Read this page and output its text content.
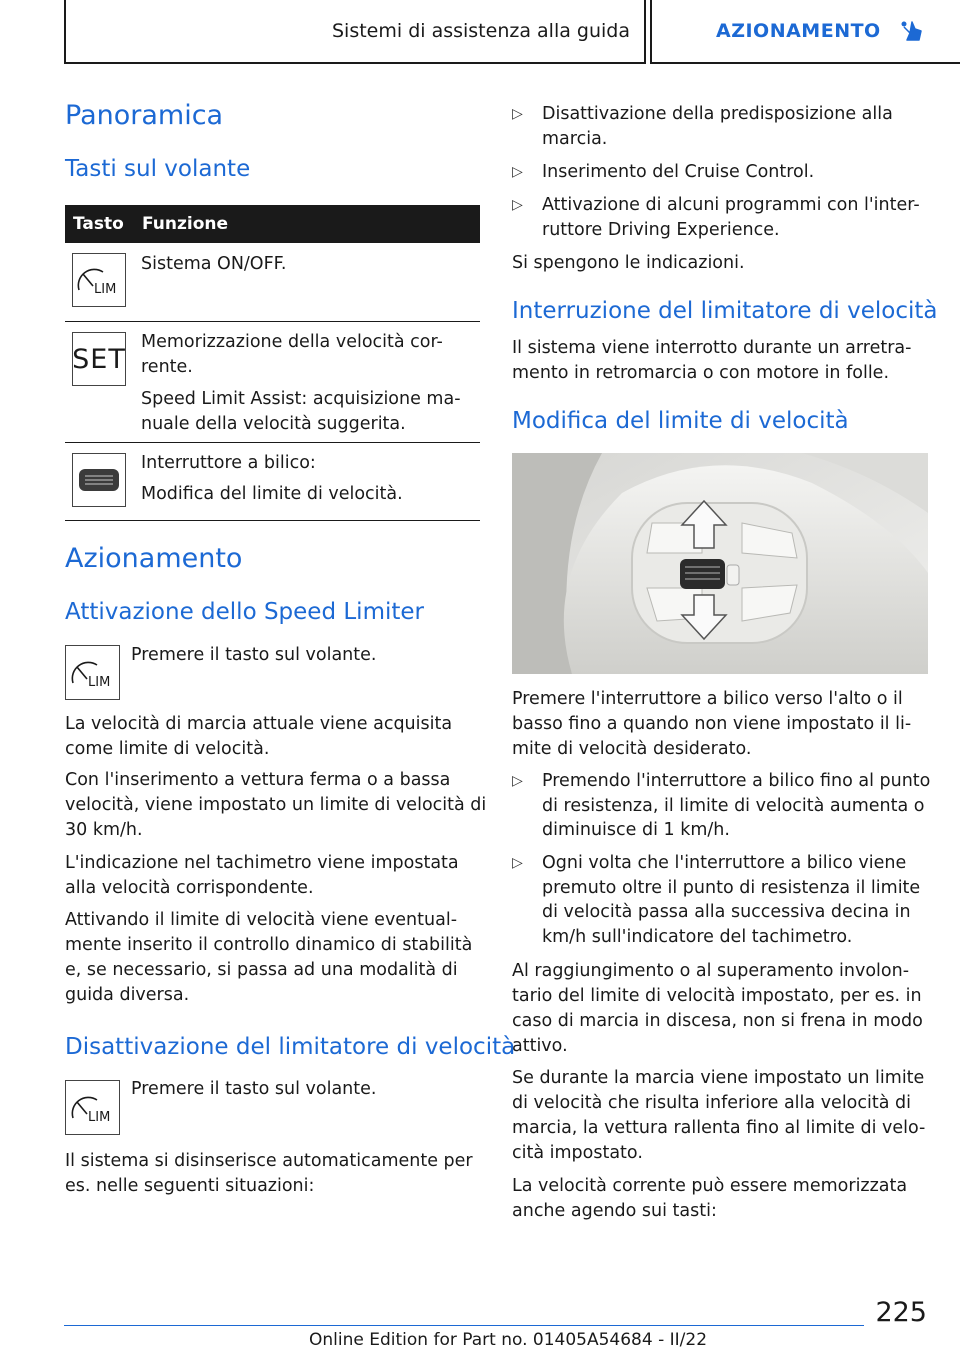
Sistemi di assistenza alla guida	AZIONAMENTO
Panoramica
Tasti sul volante
Tasto Funzione
LIM

Sistema ON/OFF.

SET

Memorizzazione della velocità cor-

rente.

Speed Limit Assist: acquisizione ma-

nuale della velocità suggerita.

Interruttore a bilico:

Modifica del limite di velocità.

Azionamento
Attivazione dello Speed Limiter
LIM

Premere il tasto sul volante.

La velocità di marcia attuale viene acquisita

come limite di velocità.

Con l'inserimento a vettura ferma o a bassa

velocità, viene impostato un limite di velocità di

30 km/h.

L'indicazione nel tachimetro viene impostata

alla velocità corrispondente.

Attivando il limite di velocità viene eventual-

mente inserito il controllo dinamico di stabilità

e, se necessario, si passa ad una modalità di

guida diversa.

Disattivazione del limitatore di velocità
LIM

Premere il tasto sul volante.

Il sistema si disinserisce automaticamente per

es. nelle seguenti situazioni:

▷ Disattivazione della predisposizione alla
marcia.
▷ Inserimento del Cruise Control.
▷ Attivazione di alcuni programmi con l'inter-
ruttore Driving Experience.

Si spengono le indicazioni.

Interruzione del limitatore di velocità

Il sistema viene interrotto durante un arretra-

mento in retromarcia o con motore in folle.

Modifica del limite di velocità

Premere l'interruttore a bilico verso l'alto o il

basso fino a quando non viene impostato il li-

mite di velocità desiderato.

▷ Premendo l'interruttore a bilico fino al punto
di resistenza, il limite di velocità aumenta o
diminuisce di 1 km/h.
▷ Ogni volta che l'interruttore a bilico viene
premuto oltre il punto di resistenza il limite
di velocità passa alla successiva decina in
km/h sull'indicatore del tachimetro.

Al raggiungimento o al superamento involon-

tario del limite di velocità impostato, per es. in

caso di marcia in discesa, non si frena in modo

attivo.

Se durante la marcia viene impostato un limite

di velocità che risulta inferiore alla velocità di

marcia, la vettura rallenta fino al limite di velo-

cità impostato.

La velocità corrente può essere memorizzata

anche agendo sui tasti:

225
Online Edition for Part no. 01405A54684 - II/22
